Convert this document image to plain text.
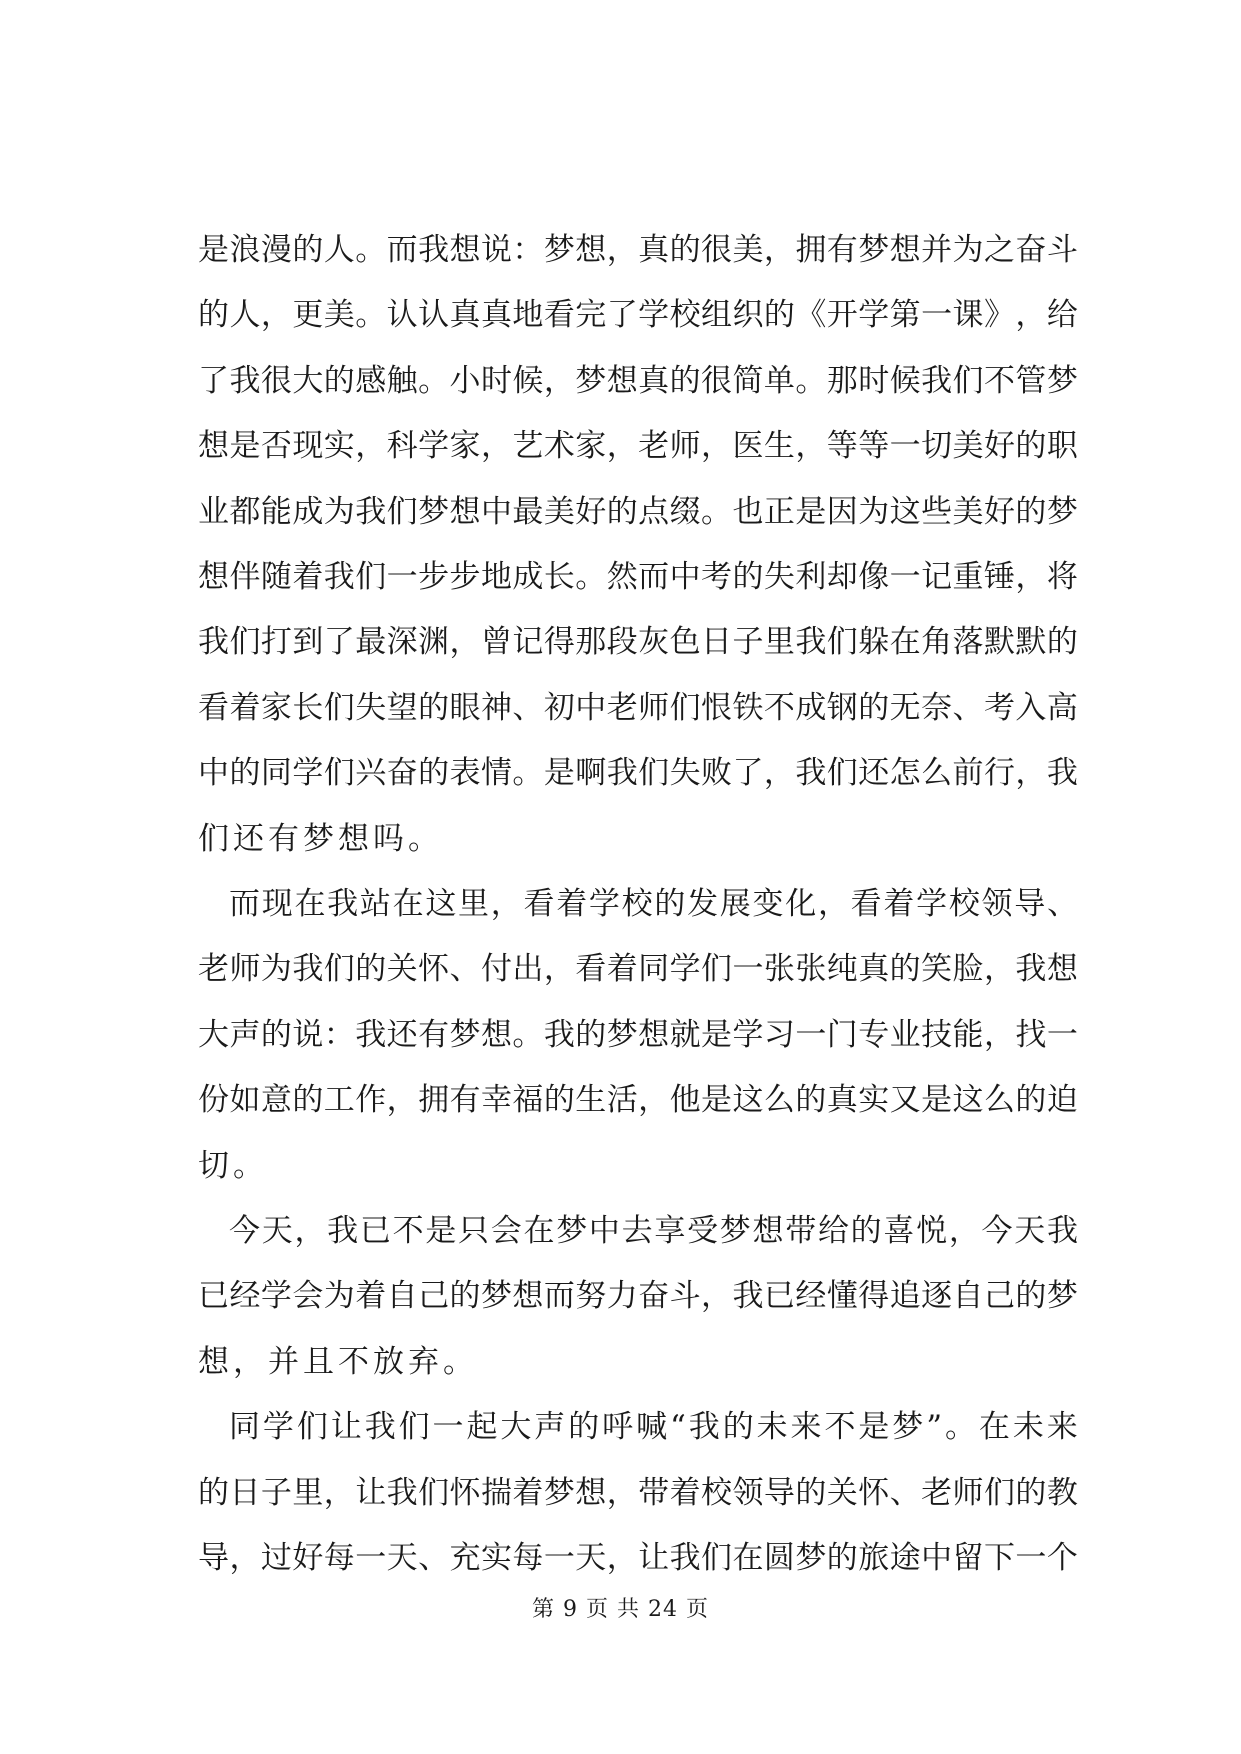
是 浪 漫 的 人 。 而 我 想 说 ： 梦 想 ， 真 的 很 美 ， 拥 有 梦 想 并 为 之 奋 斗
的 人 ， 更 美 。 认 认 真 真 地 看 完 了 学 校 组 织 的 《 开 学 第 一 课 》 ， 给
了 我 很 大 的 感 触 。 小 时 候 ， 梦 想 真 的 很 简 单 。 那 时 候 我 们 不 管 梦
想 是 否 现 实 ， 科 学 家 ， 艺 术 家 ， 老 师 ， 医 生 ， 等 等 一 切 美 好 的 职
业 都 能 成 为 我 们 梦 想 中 最 美 好 的 点 缀 。 也 正 是 因 为 这 些 美 好 的 梦
想 伴 随 着 我 们 一 步 步 地 成 长 。 然 而 中 考 的 失 利 却 像 一 记 重 锤 ， 将
我 们 打 到 了 最 深 渊 ， 曾 记 得 那 段 灰 色 日 子 里 我 们 躲 在 角 落 默 默 的
看 着 家 长 们 失 望 的 眼 神 、 初 中 老 师 们 恨 铁 不 成 钢 的 无 奈 、 考 入 高
中 的 同 学 们 兴 奋 的 表 情 。 是 啊 我 们 失 败 了 ， 我 们 还 怎 么 前 行 ， 我
们还有梦想吗。
而 现 在 我 站 在 这 里 ， 看 着 学 校 的 发 展 变 化 ， 看 着 学 校 领 导 、
老 师 为 我 们 的 关 怀 、 付 出 ， 看 着 同 学 们 一 张 张 纯 真 的 笑 脸 ， 我 想
大 声 的 说 ： 我 还 有 梦 想 。 我 的 梦 想 就 是 学 习 一 门 专 业 技 能 ， 找 一
份 如 意 的 工 作 ， 拥 有 幸 福 的 生 活 ， 他 是 这 么 的 真 实 又 是 这 么 的 迫
切。
今 天 ， 我 已 不 是 只 会 在 梦 中 去 享 受 梦 想 带 给 的 喜 悦 ， 今 天 我
已 经 学 会 为 着 自 己 的 梦 想 而 努 力 奋 斗 ， 我 已 经 懂 得 追 逐 自 己 的 梦
想，并且不放弃。
同 学 们 让 我 们 一 起 大 声 的 呼 喊 “ 我 的 未 来 不 是 梦 ” 。 在 未 来
的 日 子 里 ， 让 我 们 怀 揣 着 梦 想 ， 带 着 校 领 导 的 关 怀 、 老 师 们 的 教
导 ， 过 好 每 一 天 、 充 实 每 一 天 ， 让 我 们 在 圆 梦 的 旅 途 中 留 下 一 个
第 9 页 共 24 页
